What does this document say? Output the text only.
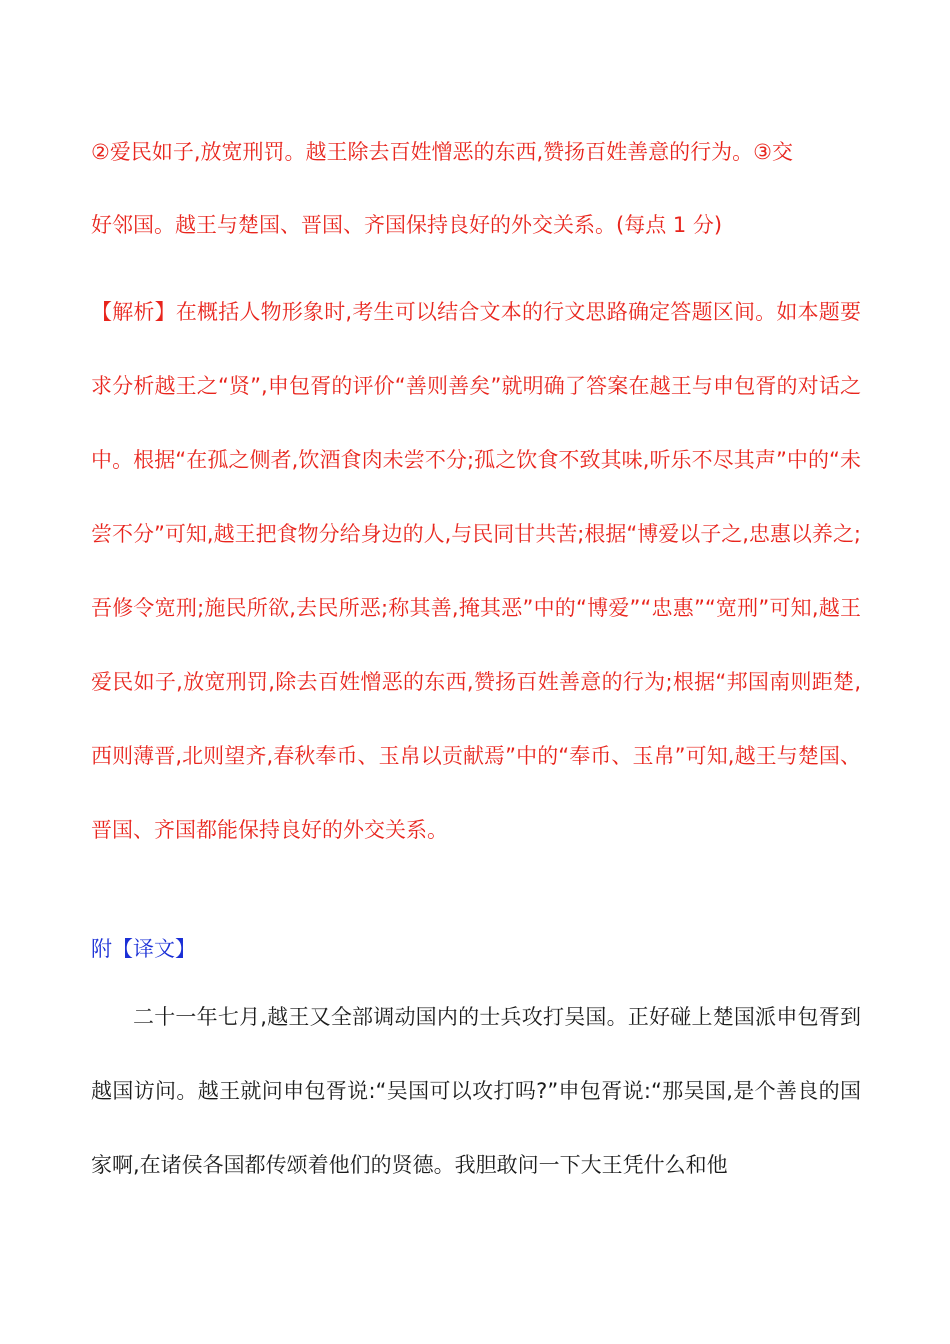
②爱民如子,放宽刑罚。越王除去百姓憎恶的东西,赞扬百姓善意的行为。③交

好邻国。越王与楚国、晋国、齐国保持良好的外交关系。(每点 1 分)

【解析】在概括人物形象时,考生可以结合文本的行文思路确定答题区间。如本题要求分析越王之“贤”,申包胥的评价“善则善矣”就明确了答案在越王与申包胥的对话之中。根据“在孤之侧者,饮酒食肉未尝不分;孤之饮食不致其味,听乐不尽其声”中的“未尝不分”可知,越王把食物分给身边的人,与民同甘共苦;根据“博爱以子之,忠惠以养之;吾修令宽刑;施民所欲,去民所恶;称其善,掩其恶”中的“博爱”“忠惠”“宽刑”可知,越王爱民如子,放宽刑罚,除去百姓憎恶的东西,赞扬百姓善意的行为;根据“邦国南则距楚,西则薄晋,北则望齐,春秋奉币、玉帛以贡献焉”中的“奉币、玉帛”可知,越王与楚国、晋国、齐国都能保持良好的外交关系。

附【译文】

二十一年七月,越王又全部调动国内的士兵攻打吴国。正好碰上楚国派申包胥到越国访问。越王就问申包胥说:“吴国可以攻打吗?”申包胥说:“那吴国,是个善良的国家啊,在诸侯各国都传颂着他们的贤德。我胆敢问一下大王凭什么和他
